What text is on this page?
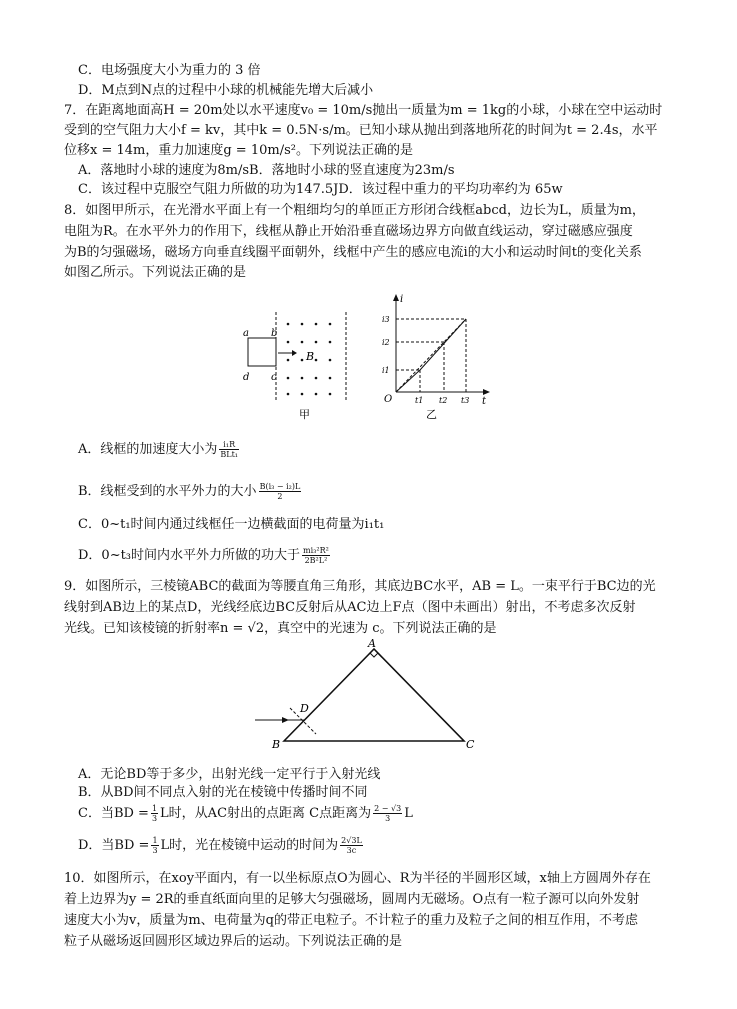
C．电场强度大小为重力的 3 倍
D．M点到N点的过程中小球的机械能先增大后减小
7．在距离地面高H = 20m处以水平速度v₀ = 10m/s抛出一质量为m = 1kg的小球，小球在空中运动时
受到的空气阻力大小f = kv，其中k = 0.5N·s/m。已知小球从抛出到落地所花的时间为t = 2.4s，水平
位移x = 14m，重力加速度g = 10m/s²。下列说法正确的是
A．落地时小球的速度为8m/sB．落地时小球的竖直速度为23m/s
C．该过程中克服空气阻力所做的功为147.5JD．该过程中重力的平均功率约为 65w
8．如图甲所示，在光滑水平面上有一个粗细均匀的单匝正方形闭合线框abcd，边长为L，质量为m，
电阻为R。在水平外力的作用下，线框从静止开始沿垂直磁场边界方向做直线运动，穿过磁感应强度
为B的匀强磁场，磁场方向垂直线圈平面朝外，线框中产生的感应电流i的大小和运动时间t的变化关系
如图乙所示。下列说法正确的是
a b
d c
B
甲
i
t
O
i1
i2
i3
t1 t2 t3
乙
A．线框的加速度大小为 $\frac{\text{i₁R}}{\text{BLt₁}}$
B．线框受到的水平外力的大小 $\frac{\text{B(i₃ − i₂)L}}{2}$
C．0~t₁时间内通过线框任一边横截面的电荷量为i₁t₁
D．0~t₃时间内水平外力所做的功大于 $\frac{\text{mi₃²R²}}{\text{2B²L²}}$
9．如图所示，三棱镜ABC的截面为等腰直角三角形，其底边BC水平，AB = L。一束平行于BC边的光
线射到AB边上的某点D，光线经底边BC反射后从AC边上F点（图中未画出）射出，不考虑多次反射
光线。已知该棱镜的折射率n = √2，真空中的光速为 c。下列说法正确的是
A
B	C
D
A．无论BD等于多少，出射光线一定平行于入射光线
B．从BD间不同点入射的光在棱镜中传播时间不同
C．当BD = $\frac{1}{3}$ L时，从AC射出的点距离 C点距离为 $\frac{2 - √3}{3}$ L
D．当BD = $\frac{1}{3}$ L时，光在棱镜中运动的时间为 $\frac{2√3L}{3c}$
10．如图所示，在xoy平面内，有一以坐标原点O为圆心、R为半径的半圆形区域，x轴上方圆周外存在
着上边界为y = 2R的垂直纸面向里的足够大匀强磁场，圆周内无磁场。O点有一粒子源可以向外发射
速度大小为v，质量为m、电荷量为q的带正电粒子。不计粒子的重力及粒子之间的相互作用，不考虑
粒子从磁场返回圆形区域边界后的运动。下列说法正确的是
